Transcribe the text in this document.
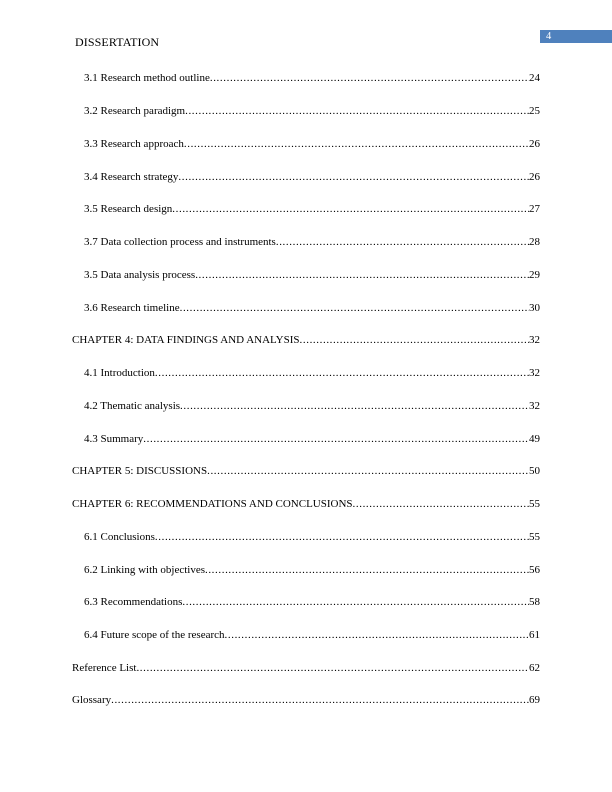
4
DISSERTATION
3.1 Research method outline .....	24
3.2 Research paradigm .....	25
3.3 Research approach .....	26
3.4 Research strategy .....	26
3.5 Research design .....	27
3.7 Data collection process and instruments .....	28
3.5 Data analysis process .....	29
3.6 Research timeline .....	30
CHAPTER 4: DATA FINDINGS AND ANALYSIS .....	32
4.1 Introduction .....	32
4.2 Thematic analysis .....	32
4.3 Summary .....	49
CHAPTER 5: DISCUSSIONS .....	50
CHAPTER 6: RECOMMENDATIONS AND CONCLUSIONS .....	55
6.1 Conclusions .....	55
6.2 Linking with objectives .....	56
6.3 Recommendations .....	58
6.4 Future scope of the research .....	61
Reference List .....	62
Glossary .....	69
